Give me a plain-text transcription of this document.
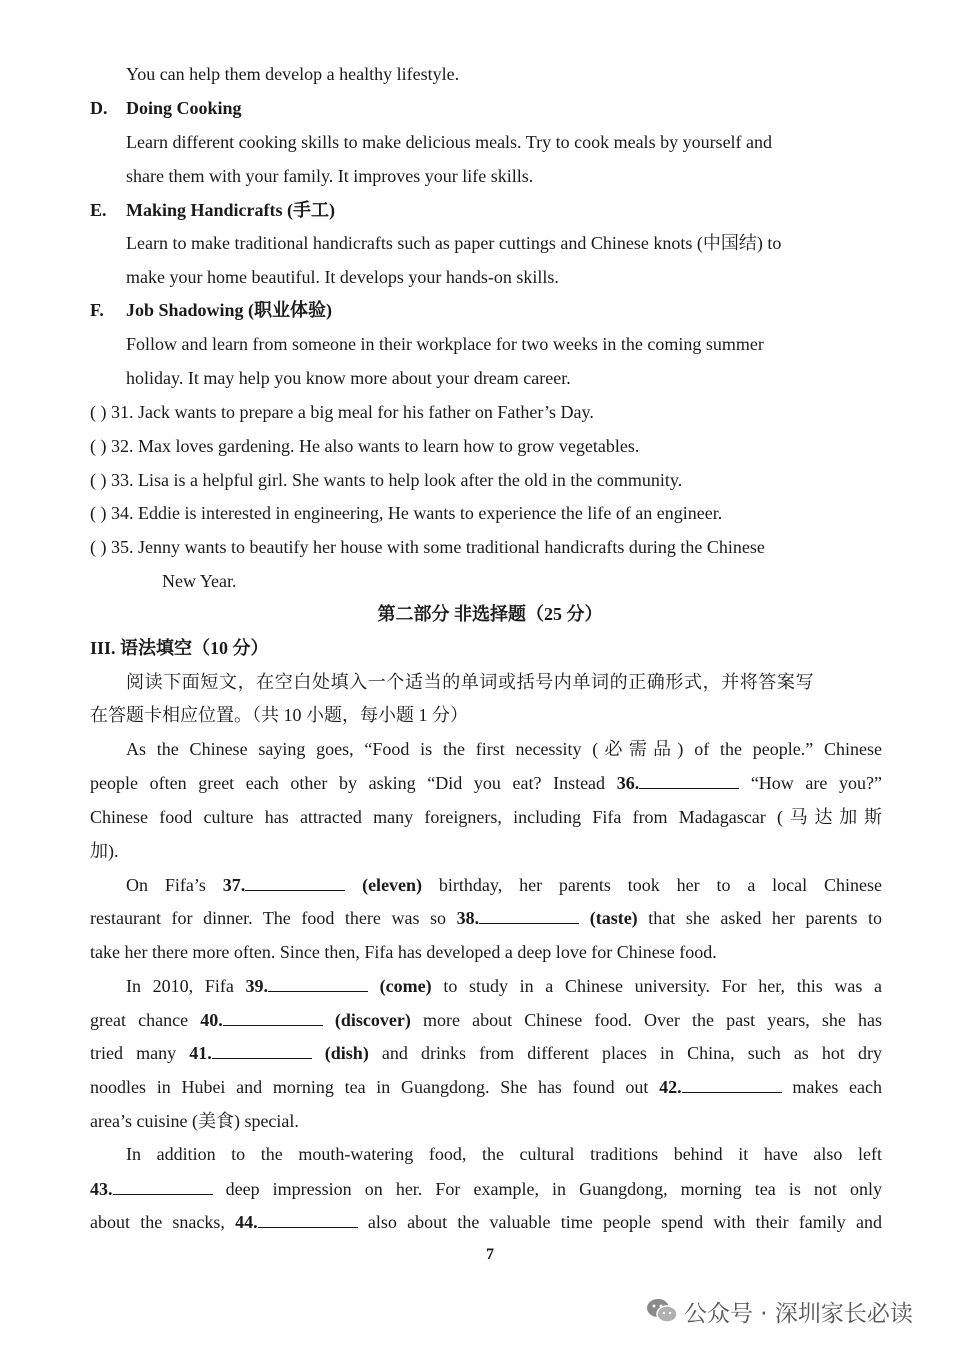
You can help them develop a healthy lifestyle.
D. Doing Cooking
Learn different cooking skills to make delicious meals. Try to cook meals by yourself and
share them with your family. It improves your life skills.
E. Making Handicrafts (手工)
Learn to make traditional handicrafts such as paper cuttings and Chinese knots (中国结) to
make your home beautiful. It develops your hands-on skills.
F. Job Shadowing (职业体验)
Follow and learn from someone in their workplace for two weeks in the coming summer
holiday. It may help you know more about your dream career.
( ) 31. Jack wants to prepare a big meal for his father on Father’s Day.
( ) 32. Max loves gardening. He also wants to learn how to grow vegetables.
( ) 33. Lisa is a helpful girl. She wants to help look after the old in the community.
( ) 34. Eddie is interested in engineering, He wants to experience the life of an engineer.
( ) 35. Jenny wants to beautify her house with some traditional handicrafts during the Chinese
New Year.
第二部分 非选择题（25 分）
III. 语法填空（10 分）
阅读下面短文，在空白处填入一个适当的单词或括号内单词的正确形式，并将答案写
在答题卡相应位置。（共 10 小题，每小题 1 分）
As the Chinese saying goes, “Food is the first necessity (必需品) of the people.” Chinese
people often greet each other by asking “Did you eat? Instead 36.	“How are you?”
Chinese food culture has attracted many foreigners, including Fifa from Madagascar (马达加斯
加).
On Fifa’s 37.	(eleven) birthday, her parents took her to a local Chinese
restaurant for dinner. The food there was so 38.	(taste) that she asked her parents to
take her there more often. Since then, Fifa has developed a deep love for Chinese food.
In 2010, Fifa 39.	(come) to study in a Chinese university. For her, this was a
great chance 40.	(discover) more about Chinese food. Over the past years, she has
tried many 41.	(dish) and drinks from different places in China, such as hot dry
noodles in Hubei and morning tea in Guangdong. She has found out 42.	makes each
area’s cuisine (美食) special.
In addition to the mouth-watering food, the cultural traditions behind it have also left
43.	deep impression on her. For example, in Guangdong, morning tea is not only
about the snacks, 44.	also about the valuable time people spend with their family and
7
公众号 · 深圳家长必读
